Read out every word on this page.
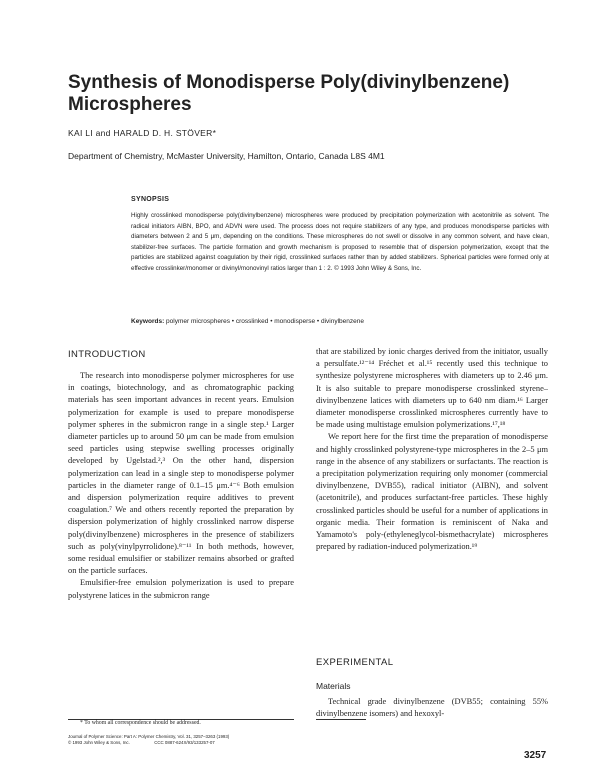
Synthesis of Monodisperse Poly(divinylbenzene) Microspheres
KAI LI and HARALD D. H. STÖVER*
Department of Chemistry, McMaster University, Hamilton, Ontario, Canada L8S 4M1
SYNOPSIS

Highly crosslinked monodisperse poly(divinylbenzene) microspheres were produced by precipitation polymerization with acetonitrile as solvent. The radical initiators AIBN, BPO, and ADVN were used. The process does not require stabilizers of any type, and produces monodisperse particles with diameters between 2 and 5 μm, depending on the conditions. These microspheres do not swell or dissolve in any common solvent, and have clean, stabilizer-free surfaces. The particle formation and growth mechanism is proposed to resemble that of dispersion polymerization, except that the particles are stabilized against coagulation by their rigid, crosslinked surfaces rather than by added stabilizers. Spherical particles were formed only at effective crosslinker/monomer or divinyl/monovinyl ratios larger than 1 : 2. © 1993 John Wiley & Sons, Inc.

Keywords: polymer microspheres • crosslinked • monodisperse • divinylbenzene
INTRODUCTION

The research into monodisperse polymer microspheres for use in coatings, biotechnology, and as chromatographic packing materials has seen important advances in recent years. Emulsion polymerization for example is used to prepare monodisperse polymer spheres in the submicron range in a single step.¹ Larger diameter particles up to around 50 μm can be made from emulsion seed particles using stepwise swelling processes originally developed by Ugelstad.²,³ On the other hand, dispersion polymerization can lead in a single step to monodisperse polymer particles in the diameter range of 0.1–15 μm.⁴⁻⁶ Both emulsion and dispersion polymerization require additives to prevent coagulation.⁷ We and others recently reported the preparation by dispersion polymerization of highly crosslinked narrow disperse poly(divinylbenzene) microspheres in the presence of stabilizers such as poly(vinylpyrrolidone).⁸⁻¹¹ In both methods, however, some residual emulsifier or stabilizer remains absorbed or grafted on the particle surfaces.

Emulsifier-free emulsion polymerization is used to prepare polystyrene latices in the submicron range

that are stabilized by ionic charges derived from the initiator, usually a persulfate.¹²⁻¹⁴ Fréchet et al.¹⁵ recently used this technique to synthesize polystyrene microspheres with diameters up to 2.46 μm. It is also suitable to prepare monodisperse crosslinked styrene–divinylbenzene latices with diameters up to 640 nm diam.¹⁶ Larger diameter monodisperse crosslinked microspheres currently have to be made using multistage emulsion polymerizations.¹⁷,¹⁸

We report here for the first time the preparation of monodisperse and highly crosslinked polystyrene-type microspheres in the 2–5 μm range in the absence of any stabilizers or surfactants. The reaction is a precipitation polymerization requiring only monomer (commercial divinylbenzene, DVB55), radical initiator (AIBN), and solvent (acetonitrile), and produces surfactant-free particles. These highly crosslinked particles should be useful for a number of applications in organic media. Their formation is reminiscent of Naka and Yamamoto's poly-(ethyleneglycol-bismethacrylate) microspheres prepared by radiation-induced polymerization.¹⁹

EXPERIMENTAL
Materials

Technical grade divinylbenzene (DVB55; containing 55% divinylbenzene isomers) and hexoxyl-

* To whom all correspondence should be addressed.
Journal of Polymer Science: Part A: Polymer Chemistry, Vol. 31, 3257–3263 (1993)
© 1993 John Wiley & Sons, Inc.                    CCC 0887-624X/93/133257-07
3257
